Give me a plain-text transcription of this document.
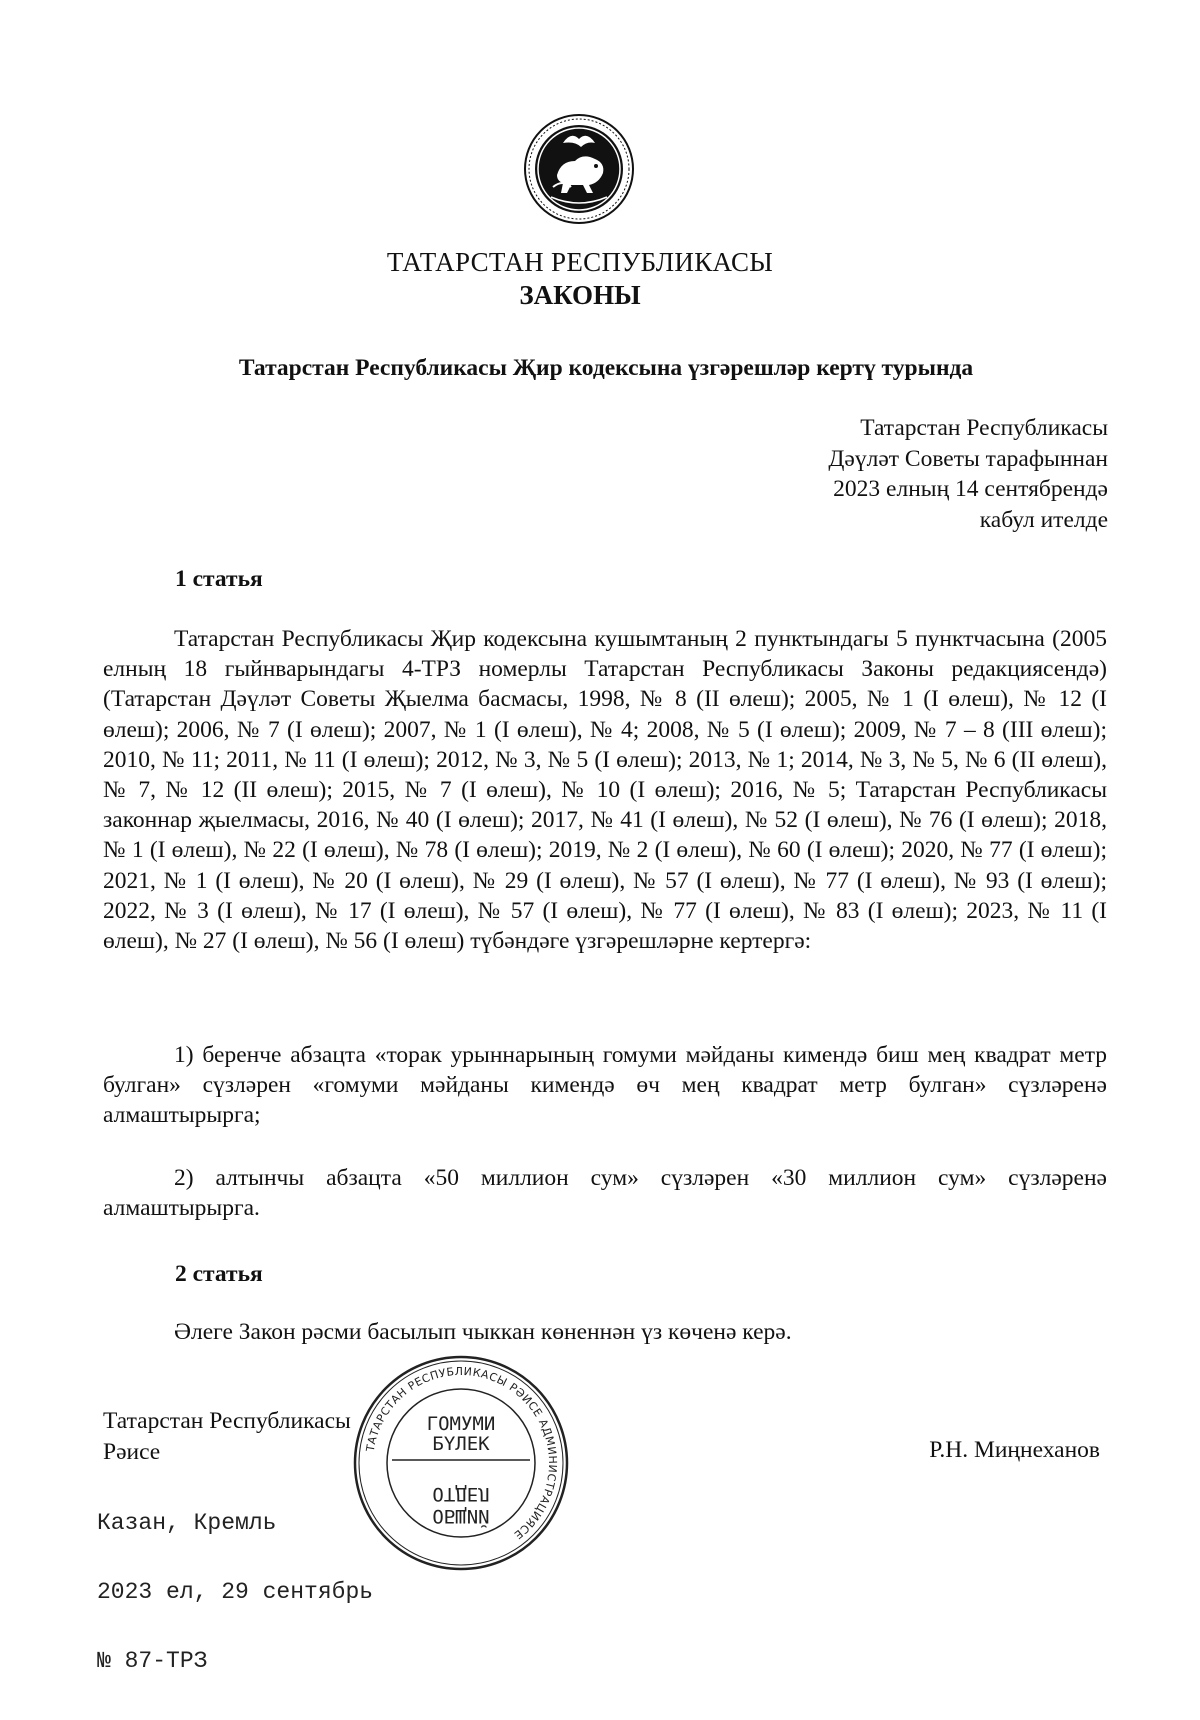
ТАТАРСТАН РЕСПУБЛИКАСЫ
ЗАКОНЫ
Татарстан Республикасы Җир кодексына үзгәрешләр кертү турында
Татарстан Республикасы
Дәүләт Советы тарафыннан
2023 елның 14 сентябрендә
кабул ителде
1 статья

Татарстан Республикасы Җир кодексына кушымтаның 2 пунктындагы 5 пунктчасына (2005 елның 18 гыйнварындагы 4-ТРЗ номерлы Татарстан Республикасы Законы редакциясендә) (Татарстан Дәүләт Советы Җыелма басмасы, 1998, № 8 (II өлеш); 2005, № 1 (I өлеш), № 12 (I өлеш); 2006, № 7 (I өлеш); 2007, № 1 (I өлеш), № 4; 2008, № 5 (I өлеш); 2009, № 7 – 8 (III өлеш); 2010, № 11; 2011, № 11 (I өлеш); 2012, № 3, № 5 (I өлеш); 2013, № 1; 2014, № 3, № 5, № 6 (II өлеш), № 7, № 12 (II өлеш); 2015, № 7 (I өлеш), № 10 (I өлеш); 2016, № 5; Татарстан Республикасы законнар җыелмасы, 2016, № 40 (I өлеш); 2017, № 41 (I өлеш), № 52 (I өлеш), № 76 (I өлеш); 2018, № 1 (I өлеш), № 22 (I өлеш), № 78 (I өлеш); 2019, № 2 (I өлеш), № 60 (I өлеш); 2020, № 77 (I өлеш); 2021, № 1 (I өлеш), № 20 (I өлеш), № 29 (I өлеш), № 57 (I өлеш), № 77 (I өлеш), № 93 (I өлеш); 2022, № 3 (I өлеш), № 17 (I өлеш), № 57 (I өлеш), № 77 (I өлеш), № 83 (I өлеш); 2023, № 11 (I өлеш), № 27 (I өлеш), № 56 (I өлеш) түбәндәге үзгәрешләрне кертергә:

1) беренче абзацта «торак урыннарының гомуми мәйданы кимендә биш мең квадрат метр булган» сүзләрен «гомуми мәйданы кимендә өч мең квадрат метр булган» сүзләренә алмаштырырга;

2) алтынчы абзацта «50 миллион сум» сүзләрен «30 миллион сум» сүзләренә алмаштырырга.

2 статья

Әлеге Закон рәсми басылып чыккан көненнән үз көченә керә.

Татарстан Республикасы
Рәисе

Казан, Кремль

2023 ел, 29 сентябрь

№ 87-ТРЗ

Р.Н. Миңнеханов
ТАТАРСТАН РЕСПУБЛИКАСЫ РӘИСЕ АДМИНИСТРАЦИЯСЕ
ГОМУМИ
БҮЛЕК
ОТДЕЛ
ОБЩИЙ
